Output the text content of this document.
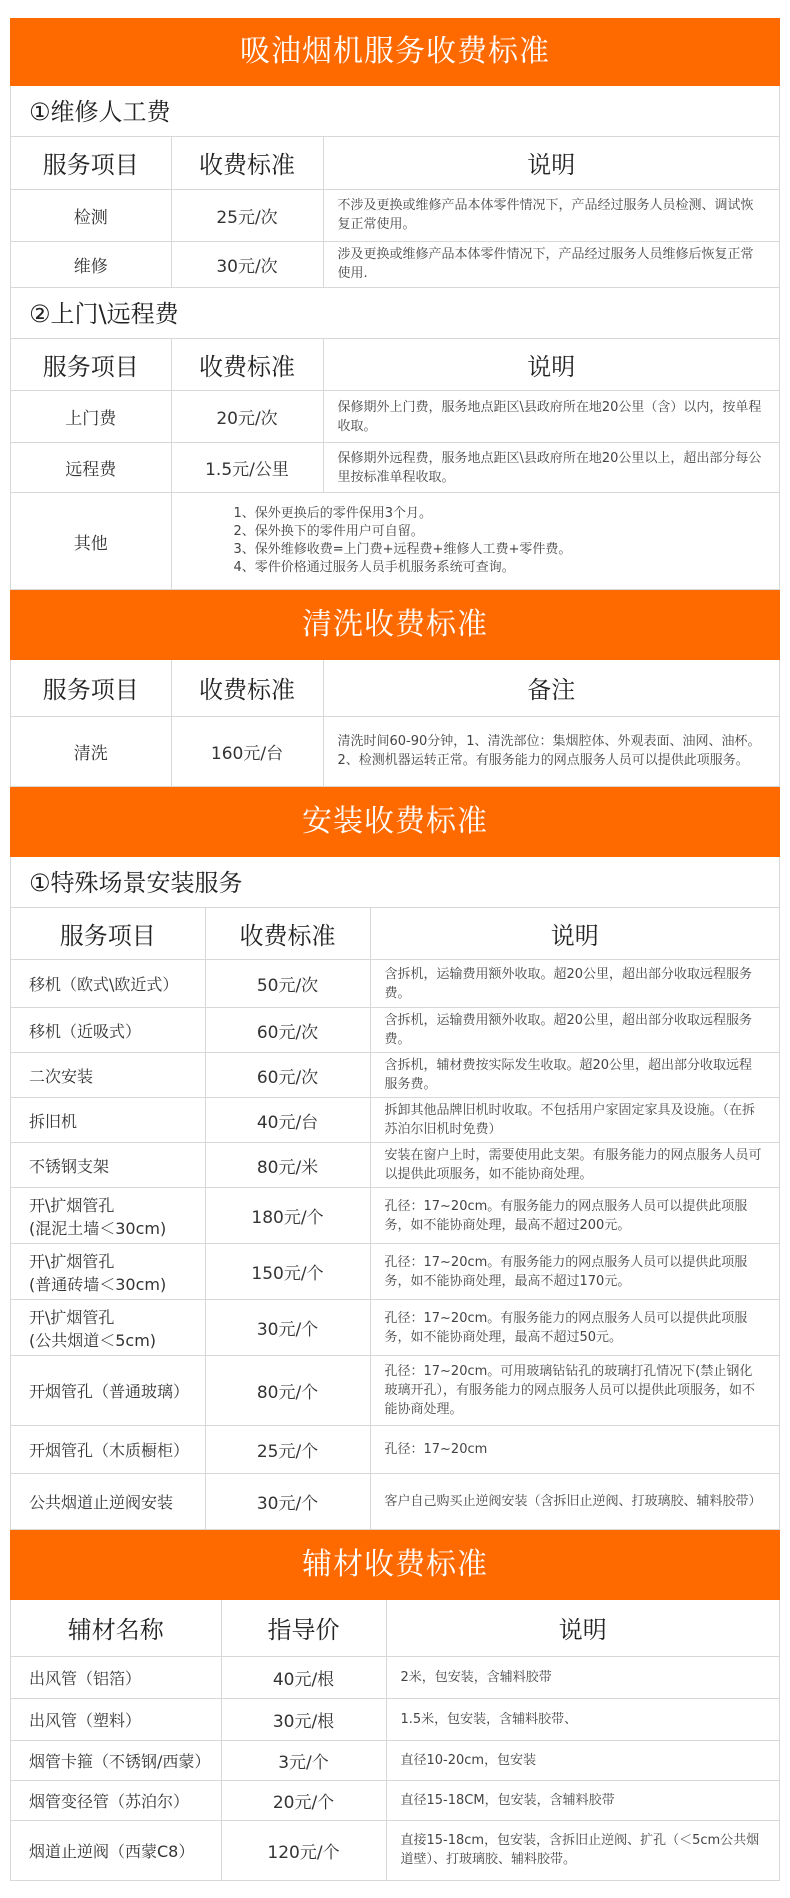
吸油烟机服务收费标准
①维修人工费
服务项目	收费标准	说明
检测	25元/次	不涉及更换或维修产品本体零件情况下，产品经过服务人员检测、调试恢复正常使用。
维修	30元/次	涉及更换或维修产品本体零件情况下，产品经过服务人员维修后恢复正常使用.
②上门\远程费
服务项目	收费标准	说明
上门费	20元/次	保修期外上门费，服务地点距区\县政府所在地20公里（含）以内，按单程收取。
远程费	1.5元/公里	保修期外远程费，服务地点距区\县政府所在地20公里以上，超出部分每公里按标准单程收取。
其他	1、保外更换后的零件保用3个月。
2、保外换下的零件用户可自留。
3、保外维修收费=上门费+远程费+维修人工费+零件费。
4、零件价格通过服务人员手机服务系统可查询。	
清洗收费标准
服务项目	收费标准	备注
清洗	160元/台	清洗时间60-90分钟，1、清洗部位：集烟腔体、外观表面、油网、油杯。2、检测机器运转正常。有服务能力的网点服务人员可以提供此项服务。
安装收费标准
①特殊场景安装服务
服务项目	收费标准	说明
移机（欧式\欧近式）	50元/次	含拆机，运输费用额外收取。超20公里，超出部分收取远程服务费。
移机（近吸式）	60元/次	含拆机，运输费用额外收取。超20公里，超出部分收取远程服务费。
二次安装	60元/次	含拆机，辅材费按实际发生收取。超20公里，超出部分收取远程服务费。
拆旧机	40元/台	拆卸其他品牌旧机时收取。不包括用户家固定家具及设施。（在拆苏泊尔旧机时免费）
不锈钢支架	80元/米	安装在窗户上时，需要使用此支架。有服务能力的网点服务人员可以提供此项服务，如不能协商处理。

开\扩烟管孔
(混泥土墙＜30cm)	180元/个	孔径：17~20cm。有服务能力的网点服务人员可以提供此项服务，如不能协商处理，最高不超过200元。

开\扩烟管孔
(普通砖墙＜30cm)	150元/个	孔径：17~20cm。有服务能力的网点服务人员可以提供此项服务，如不能协商处理，最高不超过170元。

开\扩烟管孔
(公共烟道＜5cm)	30元/个	孔径：17~20cm。有服务能力的网点服务人员可以提供此项服务，如不能协商处理，最高不超过50元。
开烟管孔（普通玻璃）	80元/个	孔径：17~20cm。可用玻璃钻钻孔的玻璃打孔情况下(禁止钢化玻璃开孔），有服务能力的网点服务人员可以提供此项服务，如不能协商处理。
开烟管孔（木质橱柜）	25元/个	孔径：17~20cm
公共烟道止逆阀安装	30元/个	客户自己购买止逆阀安装（含拆旧止逆阀、打玻璃胶、辅料胶带）
辅材收费标准
辅材名称	指导价	说明
出风管（铝箔）	40元/根	2米，包安装，含辅料胶带
出风管（塑料）	30元/根	1.5米，包安装，含辅料胶带、
烟管卡箍（不锈钢/西蒙）	3元/个	直径10-20cm，包安装
烟管变径管（苏泊尔）	20元/个	直径15-18CM，包安装，含辅料胶带
烟道止逆阀（西蒙C8）	120元/个	直接15-18cm，包安装，含拆旧止逆阀、扩孔（＜5cm公共烟道壁）、打玻璃胶、辅料胶带。
